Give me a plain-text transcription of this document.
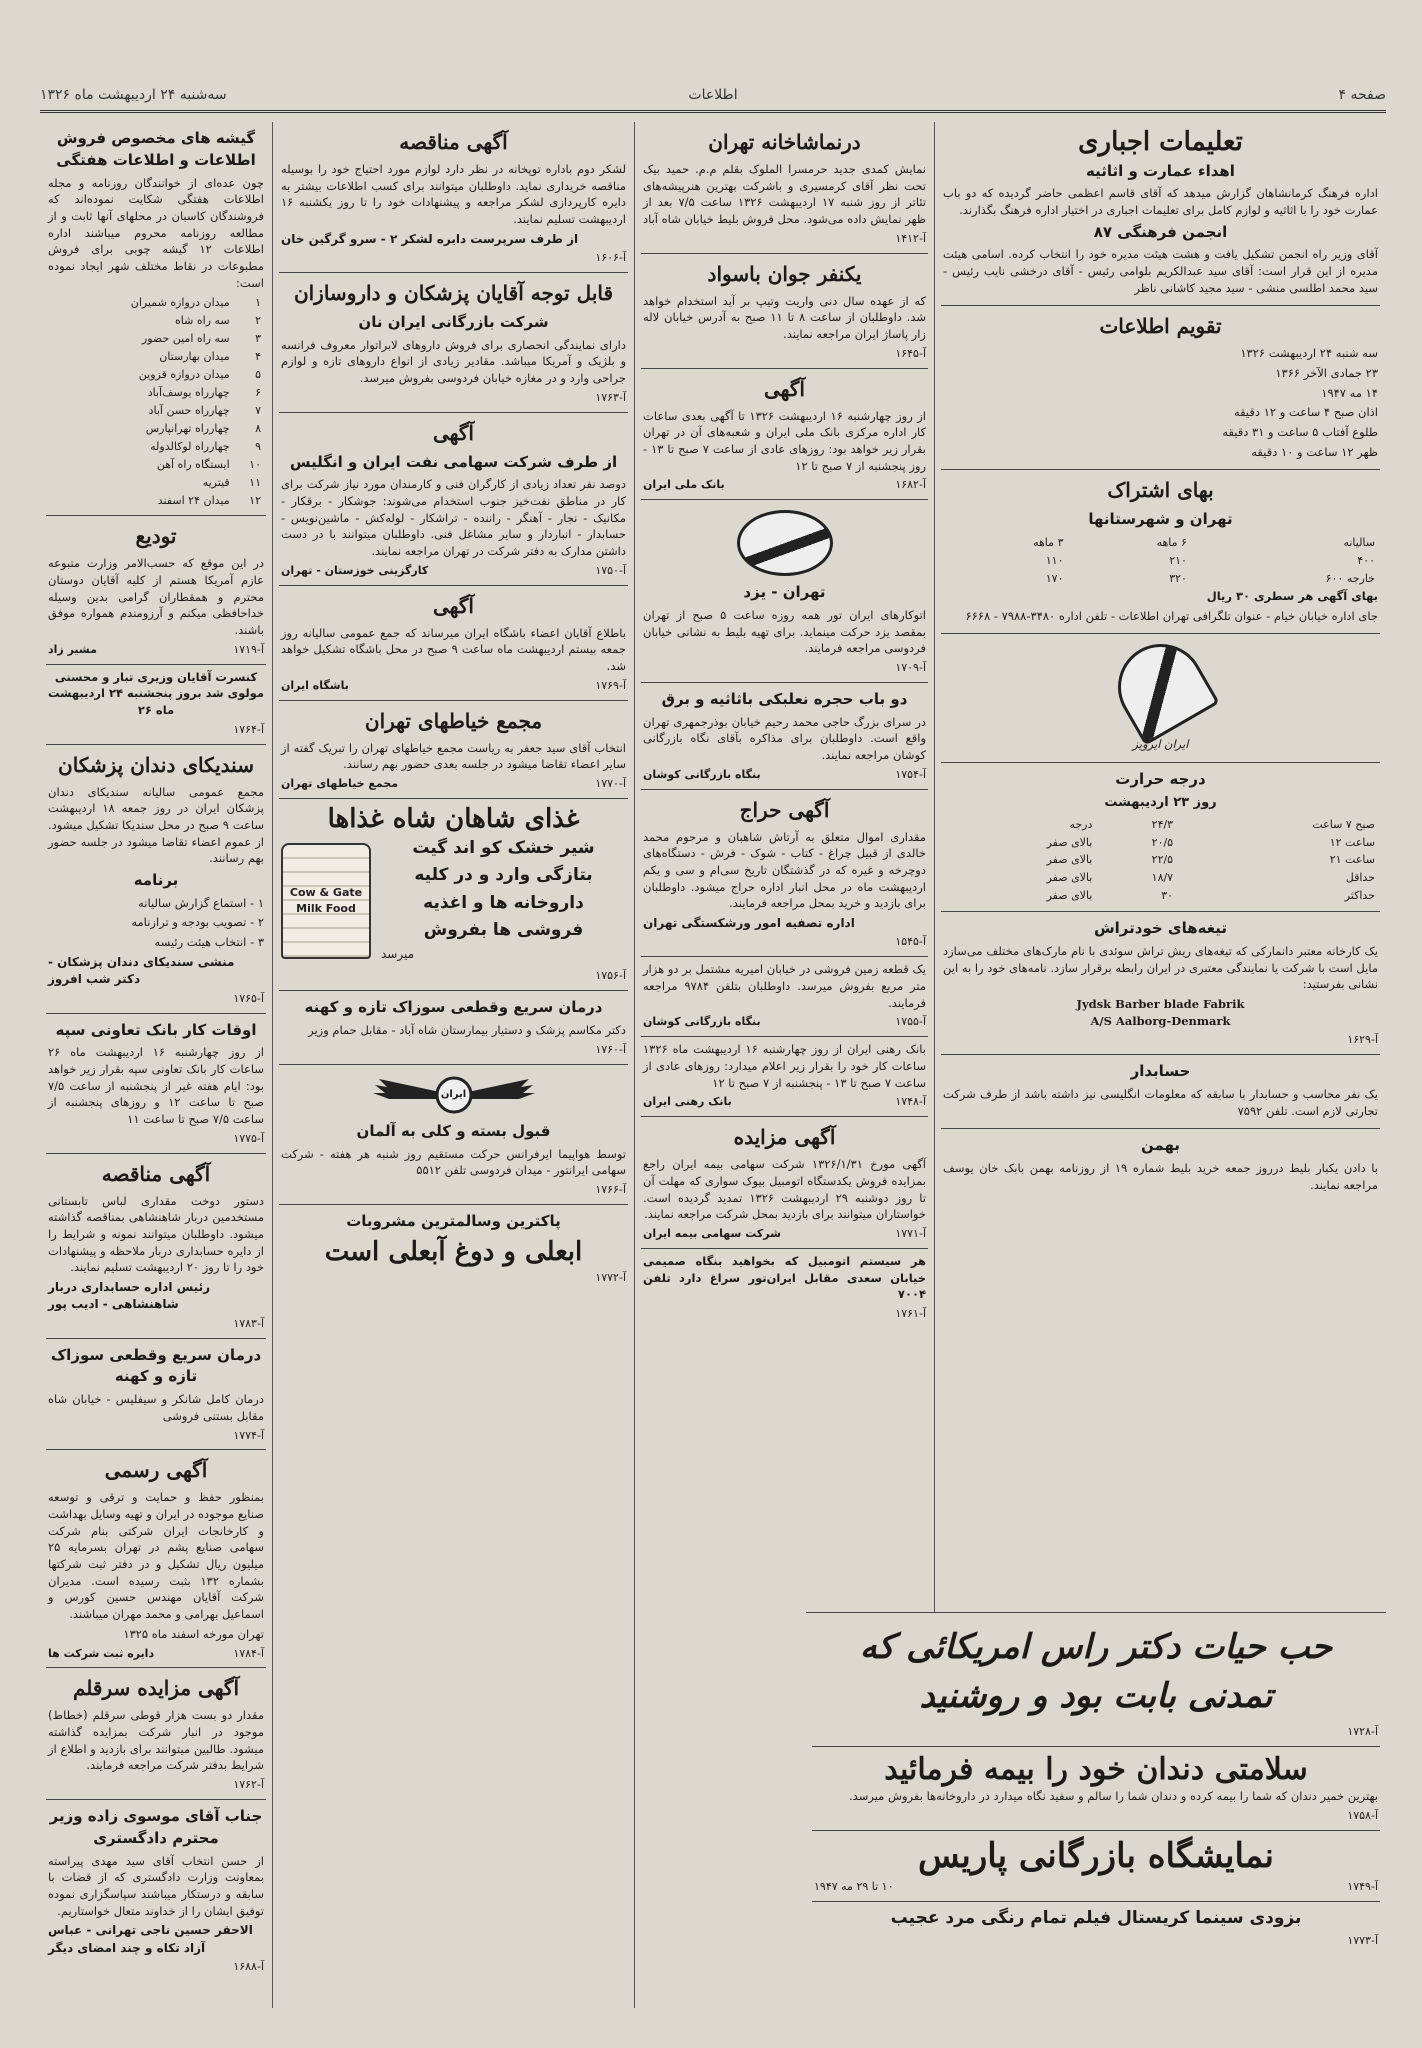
صفحه ۴
اطلاعات
سه‌شنبه ۲۴ اردیبهشت ماه ۱۳۲۶
تعلیمات اجباری
اهداء عمارت و اثاثیه

اداره فرهنگ کرمانشاهان گزارش میدهد که آقای قاسم اعظمی حاضر گردیده که دو باب عمارت خود را با اثاثیه و لوازم کامل برای تعلیمات اجباری در اختیار اداره فرهنگ بگذارند.

انجمن فرهنگی ۸۷

آقای وزیر راه انجمن تشکیل یافت و هشت هیئت مدیره خود را انتخاب کرده. اسامی هیئت مدیره از این قرار است: آقای سید عبدالکریم بلوامی رئیس - آقای درخشی نایب رئیس - سید محمد اطلسی منشی - سید مجید کاشانی ناظر

تقویم اطلاعات

سه شنبه ۲۴ اردیبهشت ۱۳۲۶

۲۳ جمادی الآخر ۱۳۶۶

۱۴ مه ۱۹۴۷

اذان صبح ۴ ساعت و ۱۲ دقیقه

طلوع آفتاب ۵ ساعت و ۳۱ دقیقه

ظهر ۱۲ ساعت و ۱۰ دقیقه

بهای اشتراک
تهران و شهرستانها
سالیانه	۶ ماهه	۳ ماهه
۴۰۰	۲۱۰	۱۱۰
خارجه ۶۰۰	۳۲۰	۱۷۰

بهای آگهی هر سطری ۳۰ ریال

جای اداره خیابان خیام - عنوان تلگرافی تهران اطلاعات - تلفن اداره ۳۴۸۰-۷۹۸۸ - ۶۶۶۸

ایران ایرویز

درجه حرارت
روز ۲۳ اردیبهشت
صبح ۷ ساعت	۲۴/۳	درجه
ساعت ۱۲	۲۰/۵	بالای صفر
ساعت ۲۱	۲۲/۵	بالای صفر
حداقل	۱۸/۷	بالای صفر
حداکثر	۳۰	بالای صفر
تیغه‌های خودتراش

یک کارخانه معتبر دانمارکی که تیغه‌های ریش تراش سوئدی با نام مارک‌های مختلف می‌سازد مایل است با شرکت یا نمایندگی معتبری در ایران رابطه برقرار سازد. نامه‌های خود را به این نشانی بفرستید:

Jydsk Barber blade Fabrik

A/S Aalborg-Denmark

آ-۱۶۲۹
حسابدار

یک نفر محاسب و حسابدار با سابقه که معلومات انگلیسی نیز داشته باشد از طرف شرکت تجارتی لازم است. تلفن ۷۵۹۲

بهمن

با دادن یکبار بلیط درروز جمعه خرید بلیط شماره ۱۹ از روزنامه بهمن بابک خان یوسف مراجعه نمایند.

درنماشاخانه تهران

نمایش کمدی جدید حرمسرا الملوک بقلم م.م. حمید بیک تحت نظر آقای کرمسیری و باشرکت بهترین هنرپیشه‌های تئاتر از روز شنبه ۱۷ اردیبهشت ۱۳۲۶ ساعت ۷/۵ بعد از ظهر نمایش داده می‌شود. محل فروش بلیط خیابان شاه آباد

آ-۱۴۱۲
یکنفر جوان باسواد

که از عهده سال دنی واریت وتیپ بر آید استخدام خواهد شد. داوطلبان از ساعت ۸ تا ۱۱ صبح به آدرس خیابان لاله زار پاساژ ایران مراجعه نمایند.

آ-۱۶۴۵
آگهی

از روز چهارشنبه ۱۶ اردیبهشت ۱۳۲۶ تا آگهی بعدی ساعات کار اداره مرکزی بانک ملی ایران و شعبه‌های آن در تهران بقرار زیر خواهد بود: روزهای عادی از ساعت ۷ صبح تا ۱۳ - روز پنجشنبه از ۷ صبح تا ۱۲

آ-۱۶۸۲
بانک ملی ایران
تهران - یزد

اتوکارهای ایران تور همه روزه ساعت ۵ صبح از تهران بمقصد یزد حرکت مینماید. برای تهیه بلیط به نشانی خیابان فردوسی مراجعه فرمایند.

آ-۱۷۰۹
دو باب حجره نعلبکی باثاثیه و برق

در سرای بزرگ حاجی محمد رحیم خیابان بوذرجمهری تهران واقع است. داوطلبان برای مذاکره بآقای نگاه بازرگانی کوشان مراجعه نمایند.

آ-۱۷۵۴
بنگاه بازرگانی کوشان
آگهی حراج

مقداری اموال متعلق به آرتاش شاهبان و مرحوم محمد خالدی از قبیل چراغ - کتاب - شوک - فرش - دستگاه‌های دوچرخه و غیره که در گذشتگان تاریخ سی‌ام و سی و یکم اردیبهشت ماه در محل انبار اداره حراج میشود. داوطلبان برای بازدید و خرید بمحل مراجعه فرمایند.

اداره تصفیه امور ورشکستگی تهران
آ-۱۵۴۵

یک قطعه زمین فروشی در خیابان امیریه مشتمل بر دو هزار متر مربع بفروش میرسد. داوطلبان بتلفن ۹۷۸۴ مراجعه فرمایند.

آ-۱۷۵۵
بنگاه بازرگانی کوشان

بانک رهنی ایران از روز چهارشنبه ۱۶ اردیبهشت ماه ۱۳۲۶ ساعات کار خود را بقرار زیر اعلام میدارد: روزهای عادی از ساعت ۷ صبح تا ۱۳ - پنجشنبه از ۷ صبح تا ۱۲

آ-۱۷۴۸
بانک رهنی ایران
آگهی مزایده

آگهی مورخ ۱۳۲۶/۱/۳۱ شرکت سهامی بیمه ایران راجع بمزایده فروش یکدستگاه اتومبیل بیوک سواری که مهلت آن تا روز دوشنبه ۲۹ اردیبهشت ۱۳۲۶ تمدید گردیده است. خواستاران میتوانند برای بازدید بمحل شرکت مراجعه نمایند.

آ-۱۷۷۱
شرکت سهامی بیمه ایران

هر سیستم اتومبیل که بخواهید بنگاه صمیمی خیابان سعدی مقابل ایران‌تور سراغ دارد تلفن ۷۰۰۴

آ-۱۷۶۱
آگهی مناقصه

لشکر دوم باداره توپخانه در نظر دارد لوازم مورد احتیاج خود را بوسیله مناقصه خریداری نماید. داوطلبان میتوانند برای کسب اطلاعات بیشتر به دایره کارپردازی لشکر مراجعه و پیشنهادات خود را تا روز یکشنبه ۱۶ اردیبهشت تسلیم نمایند.

از طرف سرپرست دایره لشکر ۲ - سرو گرگین خان
آ-۱۶۰۶
قابل توجه آقایان پزشکان و داروسازان
شرکت بازرگانی ایران نان

دارای نمایندگی انحصاری برای فروش داروهای لابراتوار معروف فرانسه و بلژیک و آمریکا میباشد. مقادیر زیادی از انواع داروهای تازه و لوازم جراحی وارد و در مغازه خیابان فردوسی بفروش میرسد.

آ-۱۷۶۳
آگهی
از طرف شرکت سهامی نفت ایران و انگلیس

دوصد نفر تعداد زیادی از کارگران فنی و کارمندان مورد نیاز شرکت برای کار در مناطق نفت‌خیز جنوب استخدام می‌شوند: جوشکار - برقکار - مکانیک - نجار - آهنگر - راننده - تراشکار - لوله‌کش - ماشین‌نویس - حسابدار - انباردار و سایر مشاغل فنی. داوطلبان میتوانند با در دست داشتن مدارک به دفتر شرکت در تهران مراجعه نمایند.

آ-۱۷۵۰
کارگزینی خوزستان - تهران
آگهی

باطلاع آقایان اعضاء باشگاه ایران میرساند که جمع عمومی سالیانه روز جمعه بیستم اردیبهشت ماه ساعت ۹ صبح در محل باشگاه تشکیل خواهد شد.

آ-۱۷۶۹
باشگاه ایران
مجمع خیاطهای تهران

انتخاب آقای سید جعفر به ریاست مجمع خیاطهای تهران را تبریک گفته از سایر اعضاء تقاضا میشود در جلسه بعدی حضور بهم رسانند.

آ-۱۷۷۰
مجمع خیاطهای تهران
غذای شاهان شاه غذاها

شیر خشک کو اند گیت

بتازگی وارد و در کلیه

داروخانه ها و اغذیه

فروشی ها بفروش

میرسد

Cow & Gate Milk Food
آ-۱۷۵۶
درمان سریع وقطعی سوزاک تازه و کهنه

دکتر مکاسم پزشک و دستیار بیمارستان شاه آباد - مقابل حمام وزیر

آ-۱۷۶۰
ایران
قبول بسته و کلی به آلمان

توسط هواپیما ایرفرانس حرکت مستقیم روز شنبه هر هفته - شرکت سهامی ایرانتور - میدان فردوسی تلفن ۵۵۱۲

آ-۱۷۶۶
پاکترین وسالمترین مشروبات
ابعلی و دوغ آبعلی است
آ-۱۷۷۲
گیشه های مخصوص فروش اطلاعات و اطلاعات هفتگی

چون عده‌ای از خوانندگان روزنامه و مجله اطلاعات هفتگی شکایت نموده‌اند که فروشندگان کاسبان در محلهای آنها ثابت و از مطالعه روزنامه محروم میباشند اداره اطلاعات ۱۲ گیشه چوبی برای فروش مطبوعات در نقاط مختلف شهر ایجاد نموده است:

۱	میدان دروازه شمیران
۲	سه راه شاه
۳	سه راه امین حضور
۴	میدان بهارستان
۵	میدان دروازه قزوین
۶	چهارراه یوسف‌آباد
۷	چهارراه حسن آباد
۸	چهارراه تهرانپارس
۹	چهارراه لوکالدوله
۱۰	ایستگاه راه آهن
۱۱	قیتریه
۱۲	میدان ۲۴ اسفند
تودیع

در این موقع که حسب‌الامر وزارت متبوعه عازم آمریکا هستم از کلیه آقایان دوستان محترم و همقطاران گرامی بدین وسیله خداحافظی میکنم و آرزومندم همواره موفق باشند.

آ-۱۷۱۹
مشیر زاد

کنسرت آقایان وزیری تبار و محسنی مولوی شد بروز پنجشنبه ۲۴ اردیبهشت ماه ۲۶

آ-۱۷۶۴
سندیکای دندان پزشکان

مجمع عمومی سالیانه سندیکای دندان پزشکان ایران در روز جمعه ۱۸ اردیبهشت ساعت ۹ صبح در محل سندیکا تشکیل میشود. از عموم اعضاء تقاضا میشود در جلسه حضور بهم رسانند.

برنامه

۱ - استماع گزارش سالیانه

۲ - تصویب بودجه و ترازنامه

۳ - انتخاب هیئت رئیسه

منشی سندیکای دندان پزشکان - دکتر شب افروز
آ-۱۷۶۵
اوقات کار بانک تعاونی سپه

از روز چهارشنبه ۱۶ اردیبهشت ماه ۲۶ ساعات کار بانک تعاونی سپه بقرار زیر خواهد بود: ایام هفته غیر از پنجشنبه از ساعت ۷/۵ صبح تا ساعت ۱۲ و روزهای پنجشنبه از ساعت ۷/۵ صبح تا ساعت ۱۱

آ-۱۷۷۵
آگهی مناقصه

دستور دوخت مقداری لباس تابستانی مستخدمین دربار شاهنشاهی بمناقصه گذاشته میشود. داوطلبان میتوانند نمونه و شرایط را از دایره حسابداری دربار ملاحظه و پیشنهادات خود را تا روز ۲۰ اردیبهشت تسلیم نمایند.

رئیس اداره حسابداری دربار شاهنشاهی - ادیب پور
آ-۱۷۸۳
درمان سریع وقطعی سوزاک تازه و کهنه

درمان کامل شانکر و سیفلیس - خیابان شاه مقابل بستنی فروشی

آ-۱۷۷۴
آگهی رسمی

بمنظور حفظ و حمایت و ترقی و توسعه صنایع موجوده در ایران و تهیه وسایل بهداشت و کارخانجات ایران شرکتی بنام شرکت سهامی صنایع پشم در تهران بسرمایه ۲۵ میلیون ریال تشکیل و در دفتر ثبت شرکتها بشماره ۱۳۲ بثبت رسیده است. مدیران شرکت آقایان مهندس حسین کورس و اسماعیل بهرامی و محمد مهران میباشند.

تهران مورخه اسفند ماه ۱۳۲۵

آ-۱۷۸۴
دایره ثبت شرکت ها
آگهی مزایده سرقلم

مقدار دو بست هزار قوطی سرقلم (خطاط) موجود در انبار شرکت بمزایده گذاشته میشود. طالبین میتوانند برای بازدید و اطلاع از شرایط بدفتر شرکت مراجعه فرمایند.

آ-۱۷۶۲
جناب آقای موسوی زاده وزیر محترم دادگستری

از حسن انتخاب آقای سید مهدی پیراسته بمعاونت وزارت دادگستری که از قضات با سابقه و درستکار میباشند سپاسگزاری نموده توفیق ایشان را از خداوند متعال خواستاریم.

الاحقر حسین ناجی تهرانی - عباس آزاد تکاه و چند امضای دیگر
آ-۱۶۸۸
حب حیات دکتر راس امریکائی که تمدنی بابت بود و روشنید
آ-۱۷۲۸
سلامتی دندان خود را بیمه فرمائید

بهترین خمیر دندان که شما را بیمه کرده و دندان شما را سالم و سفید نگاه میدارد در داروخانه‌ها بفروش میرسد.

آ-۱۷۵۸
نمایشگاه بازرگانی پاریس
آ-۱۷۴۹
۱۰ تا ۲۹ مه ۱۹۴۷
بزودی سینما کریستال فیلم تمام رنگی مرد عجیب
آ-۱۷۷۳
